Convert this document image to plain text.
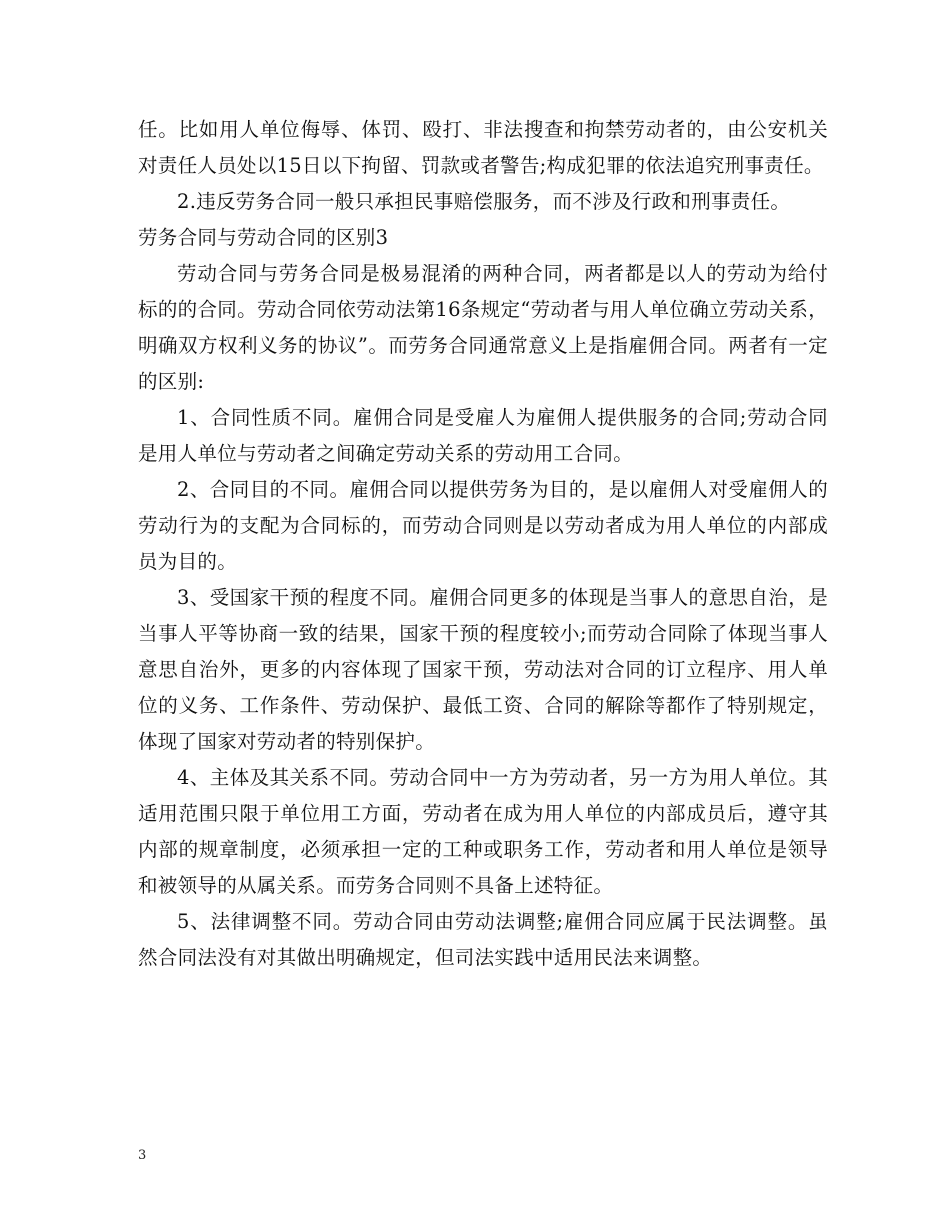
任。比如用人单位侮辱、体罚、殴打、非法搜查和拘禁劳动者的，由公安机关对责任人员处以15日以下拘留、罚款或者警告;构成犯罪的依法追究刑事责任。

2.违反劳务合同一般只承担民事赔偿服务，而不涉及行政和刑事责任。

劳务合同与劳动合同的区别3

劳动合同与劳务合同是极易混淆的两种合同，两者都是以人的劳动为给付标的的合同。劳动合同依劳动法第16条规定“劳动者与用人单位确立劳动关系，明确双方权利义务的协议”。而劳务合同通常意义上是指雇佣合同。两者有一定的区别:

1、合同性质不同。雇佣合同是受雇人为雇佣人提供服务的合同;劳动合同是用人单位与劳动者之间确定劳动关系的劳动用工合同。

2、合同目的不同。雇佣合同以提供劳务为目的，是以雇佣人对受雇佣人的劳动行为的支配为合同标的，而劳动合同则是以劳动者成为用人单位的内部成员为目的。

3、受国家干预的程度不同。雇佣合同更多的体现是当事人的意思自治，是当事人平等协商一致的结果，国家干预的程度较小;而劳动合同除了体现当事人意思自治外，更多的内容体现了国家干预，劳动法对合同的订立程序、用人单位的义务、工作条件、劳动保护、最低工资、合同的解除等都作了特别规定，体现了国家对劳动者的特别保护。

4、主体及其关系不同。劳动合同中一方为劳动者，另一方为用人单位。其适用范围只限于单位用工方面，劳动者在成为用人单位的内部成员后，遵守其内部的规章制度，必须承担一定的工种或职务工作，劳动者和用人单位是领导和被领导的从属关系。而劳务合同则不具备上述特征。

5、法律调整不同。劳动合同由劳动法调整;雇佣合同应属于民法调整。虽然合同法没有对其做出明确规定，但司法实践中适用民法来调整。

3
